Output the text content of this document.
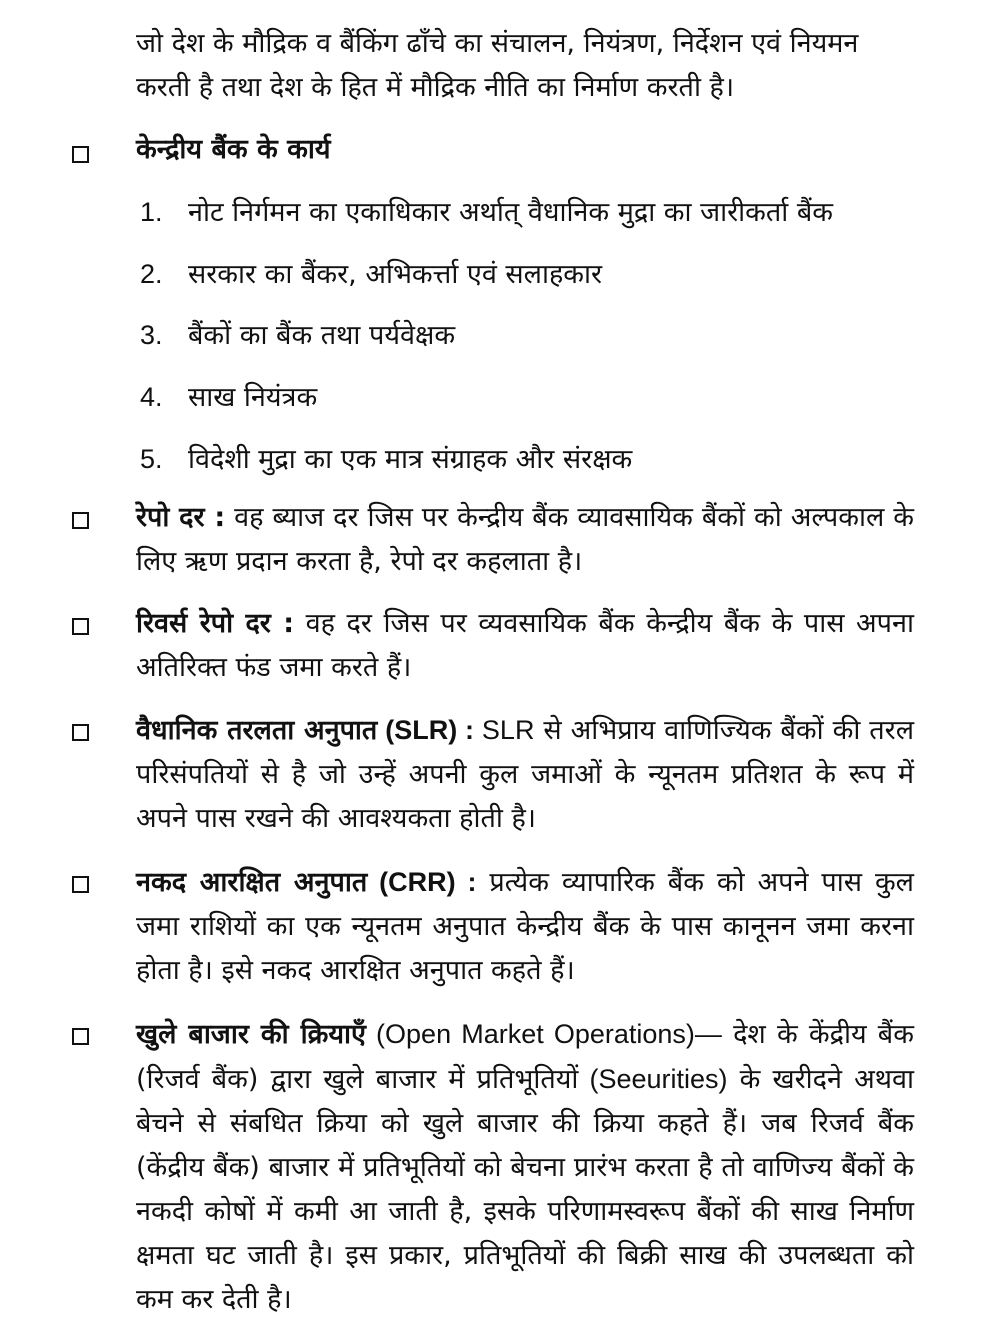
जो देश के मौद्रिक व बैंकिंग ढाँचे का संचालन, नियंत्रण, निर्देशन एवं नियमन
करती है तथा देश के हित में मौद्रिक नीति का निर्माण करती है।

केन्द्रीय बैंक के कार्य
1. नोट निर्गमन का एकाधिकार अर्थात् वैधानिक मुद्रा का जारीकर्ता बैंक
2. सरकार का बैंकर, अभिकर्त्ता एवं सलाहकार
3. बैंकों का बैंक तथा पर्यवेक्षक
4. साख नियंत्रक
5. विदेशी मुद्रा का एक मात्र संग्राहक और संरक्षक

रेपो दर : वह ब्याज दर जिस पर केन्द्रीय बैंक व्यावसायिक बैंकों को अल्पकाल के लिए ऋण प्रदान करता है, रेपो दर कहलाता है।

रिवर्स रेपो दर : वह दर जिस पर व्यवसायिक बैंक केन्द्रीय बैंक के पास अपना अतिरिक्त फंड जमा करते हैं।

वैधानिक तरलता अनुपात (SLR) : SLR से अभिप्राय वाणिज्यिक बैंकों की तरल परिसंपतियों से है जो उन्हें अपनी कुल जमाओं के न्यूनतम प्रतिशत के रूप में अपने पास रखने की आवश्यकता होती है।

नकद आरक्षित अनुपात (CRR) : प्रत्येक व्यापारिक बैंक को अपने पास कुल जमा राशियों का एक न्यूनतम अनुपात केन्द्रीय बैंक के पास कानूनन जमा करना होता है। इसे नकद आरक्षित अनुपात कहते हैं।

खुले बाजार की क्रियाएँ (Open Market Operations)— देश के केंद्रीय बैंक (रिजर्व बैंक) द्वारा खुले बाजार में प्रतिभूतियों (Seeurities) के खरीदने अथवा बेचने से संबधित क्रिया को खुले बाजार की क्रिया कहते हैं। जब रिजर्व बैंक (केंद्रीय बैंक) बाजार में प्रतिभूतियों को बेचना प्रारंभ करता है तो वाणिज्य बैंकों के नकदी कोषों में कमी आ जाती है, इसके परिणामस्वरूप बैंकों की साख निर्माण क्षमता घट जाती है। इस प्रकार, प्रतिभूतियों की बिक्री साख की उपलब्धता को कम कर देती है।
